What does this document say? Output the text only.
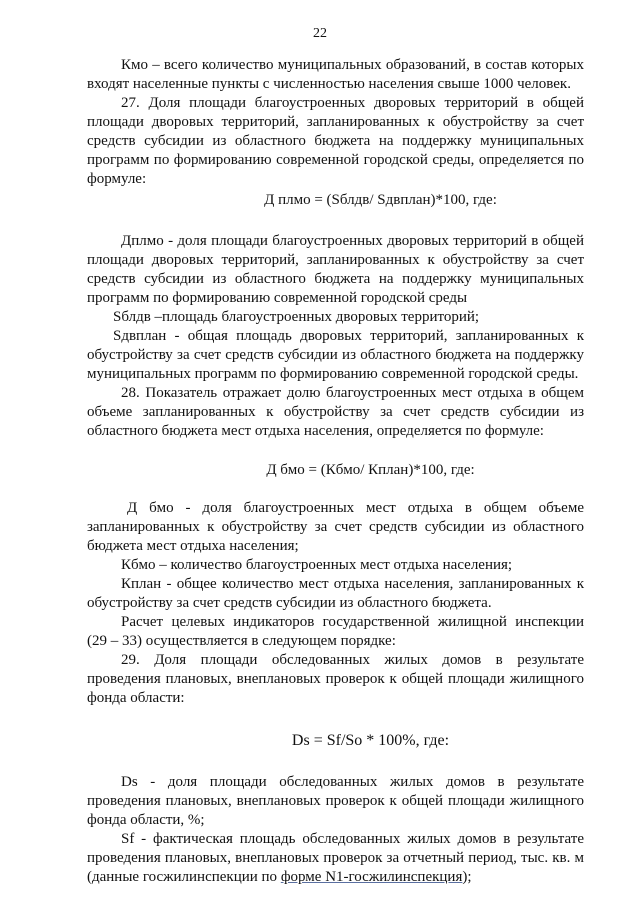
22

Кмо – всего количество муниципальных образований, в состав которых входят населенные пункты с численностью населения свыше 1000 человек.

27. Доля площади благоустроенных дворовых территорий в общей площади дворовых территорий, запланированных к обустройству за счет средств субсидии из областного бюджета на поддержку муниципальных программ по формированию современной городской среды, определяется по формуле:

Д плмо = (Sблдв/ Sдвплан)*100, где:

Дплмо - доля площади благоустроенных дворовых территорий в общей площади дворовых территорий, запланированных к обустройству за счет средств субсидии из областного бюджета на поддержку муниципальных программ по формированию современной городской среды

Sблдв –площадь благоустроенных дворовых территорий;

Sдвплан - общая площадь дворовых территорий, запланированных к обустройству за счет средств субсидии из областного бюджета на поддержку муниципальных программ по формированию современной городской среды.

28. Показатель отражает долю благоустроенных мест отдыха в общем объеме запланированных к обустройству за счет средств субсидии из областного бюджета мест отдыха населения, определяется по формуле:

Д бмо = (Кбмо/ Кплан)*100, где:

Д бмо - доля благоустроенных мест отдыха в общем объеме запланированных к обустройству за счет средств субсидии из областного бюджета мест отдыха населения;

Кбмо – количество благоустроенных мест отдыха населения;

Кплан - общее количество мест отдыха населения, запланированных к обустройству за счет средств субсидии из областного бюджета.

Расчет целевых индикаторов государственной жилищной инспекции (29 – 33) осуществляется в следующем порядке:

29. Доля площади обследованных жилых домов в результате проведения плановых, внеплановых проверок к общей площади жилищного фонда области:

Ds = Sf/So * 100%, где:

Ds - доля площади обследованных жилых домов в результате проведения плановых, внеплановых проверок к общей площади жилищного фонда области, %;

Sf - фактическая площадь обследованных жилых домов в результате проведения плановых, внеплановых проверок за отчетный период, тыс. кв. м (данные госжилинспекции по форме N1-госжилинспекция);
